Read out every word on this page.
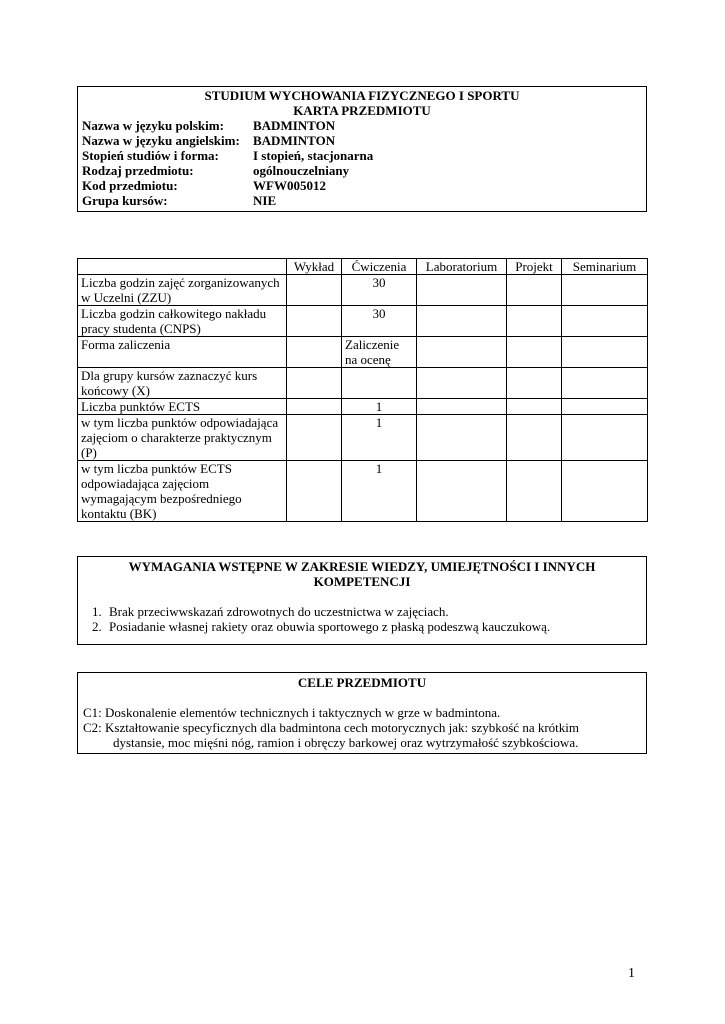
STUDIUM WYCHOWANIA FIZYCZNEGO I SPORTU
KARTA PRZEDMIOTU
Nazwa w języku polskim:	BADMINTON
Nazwa w języku angielskim:	BADMINTON
Stopień studiów i forma:	I stopień, stacjonarna
Rodzaj przedmiotu:	ogólnouczelniany
Kod przedmiotu:	WFW005012
Grupa kursów:	NIE
	Wykład	Ćwiczenia	Laboratorium	Projekt	Seminarium
Liczba godzin zajęć zorganizowanych w Uczelni (ZZU)		30			
Liczba godzin całkowitego nakładu pracy studenta (CNPS)		30			
Forma zaliczenia		Zaliczenie na ocenę			
Dla grupy kursów zaznaczyć kurs końcowy (X)					
Liczba punktów ECTS		1			
w tym liczba punktów odpowiadająca zajęciom o charakterze praktycznym (P)		1			
w tym liczba punktów ECTS odpowiadająca zajęciom wymagającym bezpośredniego kontaktu (BK)		1			
WYMAGANIA WSTĘPNE W ZAKRESIE WIEDZY, UMIEJĘTNOŚCI I INNYCH KOMPETENCJI
1. Brak przeciwwskazań zdrowotnych do uczestnictwa w zajęciach.
2. Posiadanie własnej rakiety oraz obuwia sportowego z płaską podeszwą kauczukową.
CELE PRZEDMIOTU
C1: Doskonalenie elementów technicznych i taktycznych w grze w badmintona.
C2: Kształtowanie specyficznych dla badmintona cech motorycznych jak: szybkość na krótkim
dystansie, moc mięśni nóg, ramion i obręczy barkowej oraz wytrzymałość szybkościowa.
1
